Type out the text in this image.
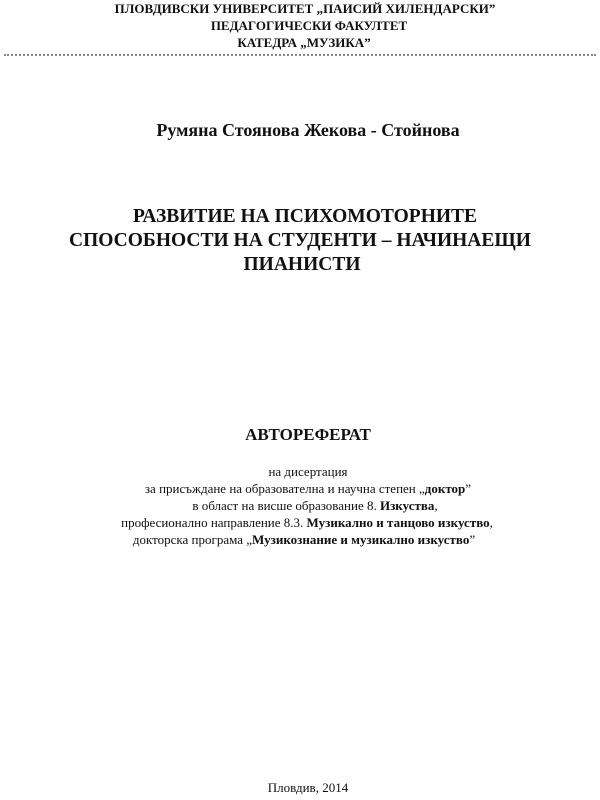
ПЛОВДИВСКИ УНИВЕРСИТЕТ „ПАИСИЙ ХИЛЕНДАРСКИ”
ПЕДАГОГИЧЕСКИ ФАКУЛТЕТ
КАТЕДРА „МУЗИКА”
Румяна Стоянова Жекова - Стойнова
РАЗВИТИЕ НА ПСИХОМОТОРНИТЕ
СПОСОБНОСТИ НА СТУДЕНТИ – НАЧИНАЕЩИ
ПИАНИСТИ
АВТОРЕФЕРАТ
на дисертация
за присъждане на образователна и научна степен „доктор”
в област на висше образование 8. Изкуства,
професионално направление 8.3. Музикално и танцово изкуство,
докторска програма „Музикознание и музикално изкуство”
Пловдив, 2014
